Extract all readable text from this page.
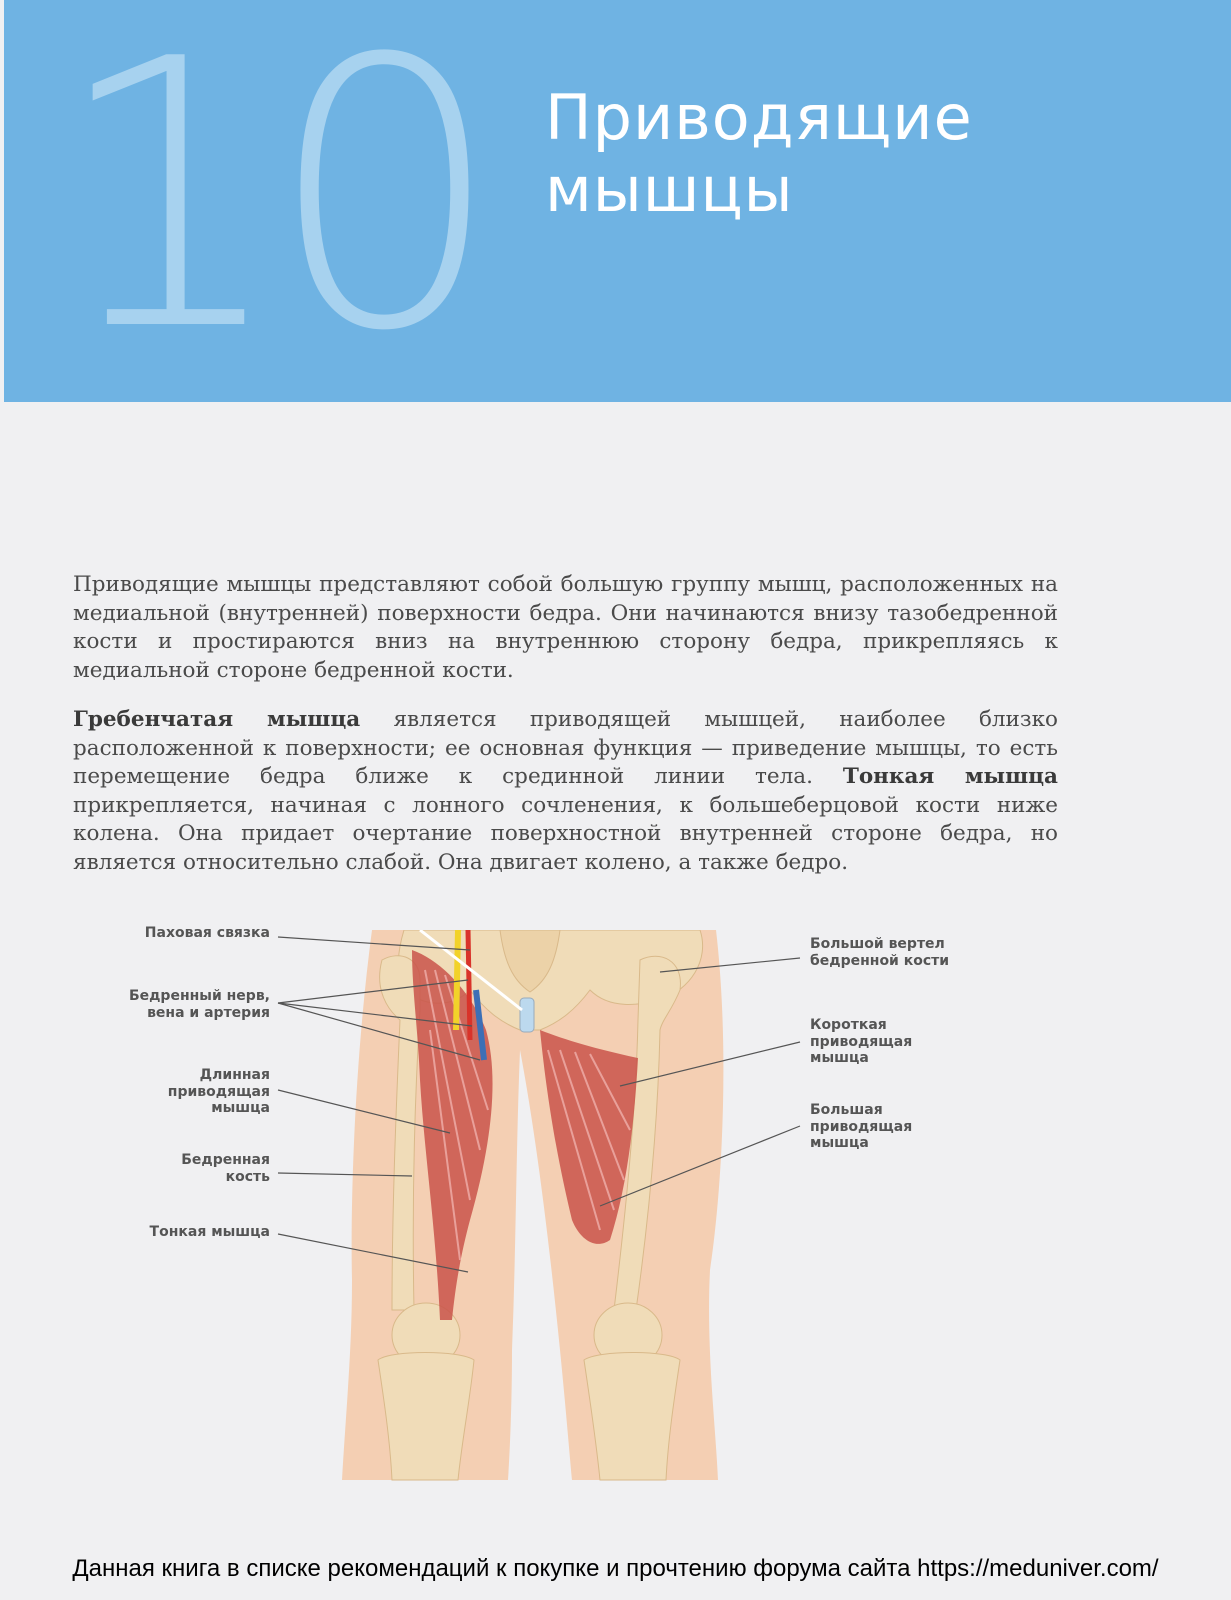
10 Приводящие
мышцы

Приводящие мышцы представляют собой большую группу мышц, расположенных на медиальной (внутренней) поверхности бедра. Они начинаются внизу тазобедренной кости и простираются вниз на внутреннюю сторону бедра, прикрепляясь к медиальной стороне бедренной кости.

Гребенчатая мышца является приводящей мышцей, наиболее близко расположенной к поверхности; ее основная функция — приведение мышцы, то есть перемещение бедра ближе к срединной линии тела. Тонкая мышца прикрепляется, начиная с лонного сочленения, к большеберцовой кости ниже колена. Она придает очертание поверхностной внутренней стороне бедра, но является относительно слабой. Она двигает колено, а также бедро.

Паховая связка
Бедренный нерв,
вена и артерия
Длинная
приводящая
мышца
Бедренная
кость
Тонкая мышца
Большой вертел
бедренной кости
Короткая
приводящая
мышца
Большая
приводящая
мышца
Данная книга в списке рекомендаций к покупке и прочтению форума сайта https://meduniver.com/
